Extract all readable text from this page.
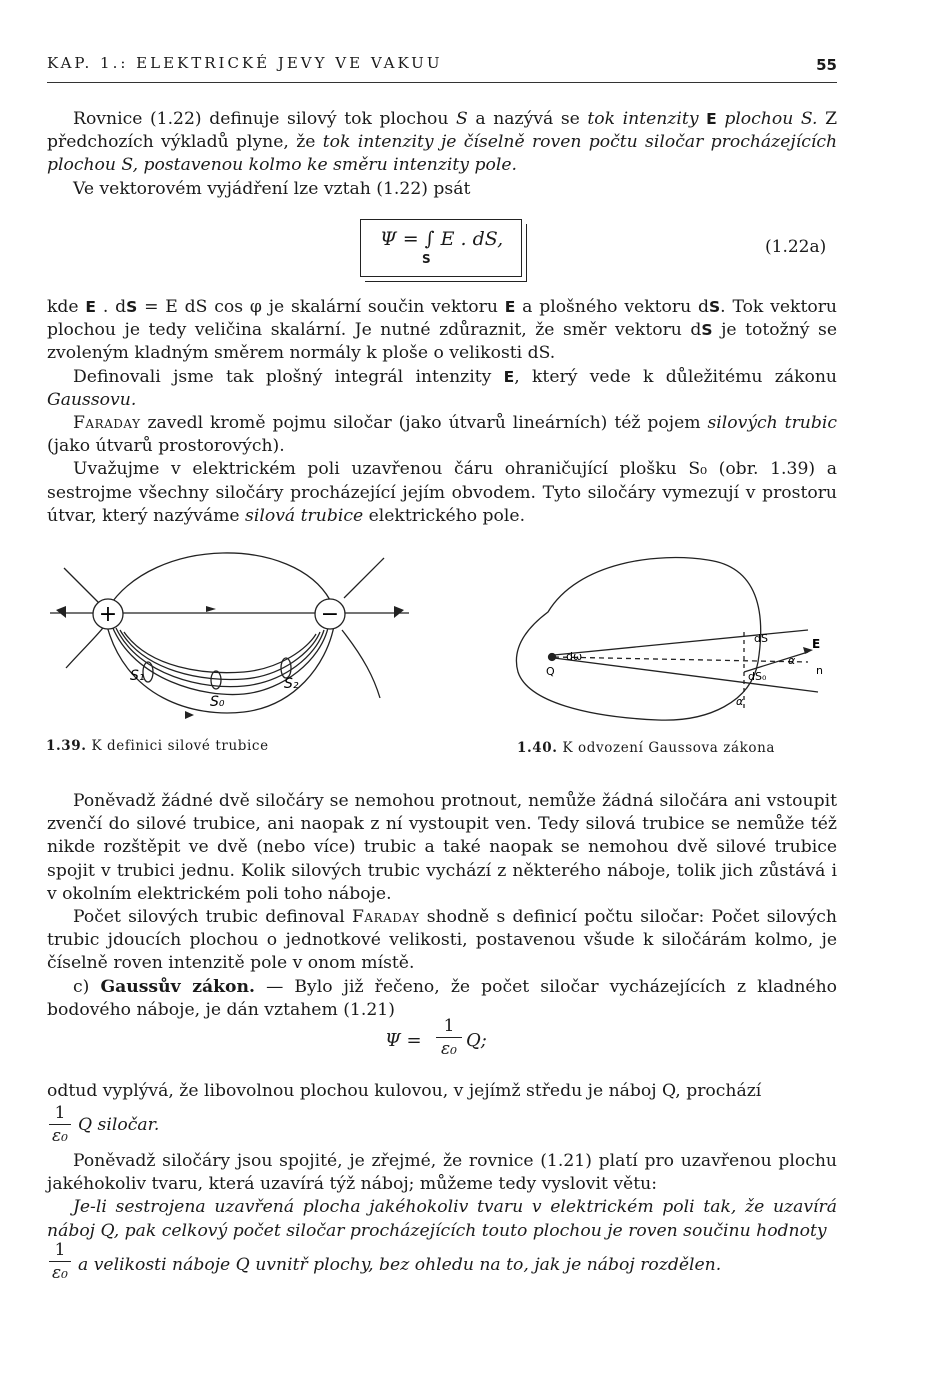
KAP. 1.: ELEKTRICKÉ JEVY VE VAKUU	55

Rovnice (1.22) definuje silový tok plochou S a nazývá se tok intenzity E plochou S. Z předchozích výkladů plyne, že tok intenzity je číselně roven počtu siločar procházejících plochou S, postavenou kolmo ke směru intenzity pole.

Ve vektorovém vyjádření lze vztah (1.22) psát

Ψ = ∫ E . dS,
S
(1.22a)

kde E . dS = E dS cos φ je skalární součin vektoru E a plošného vektoru dS. Tok vektoru plochou je tedy veličina skalární. Je nutné zdůraznit, že směr vektoru dS je totožný se zvoleným kladným směrem normály k ploše o velikosti dS.

Definovali jsme tak plošný integrál intenzity E, který vede k důležitému zákonu Gaussovu.

Faraday zavedl kromě pojmu siločar (jako útvarů lineárních) též pojem silových trubic (jako útvarů prostorových).

Uvažujme v elektrickém poli uzavřenou čáru ohraničující plošku S₀ (obr. 1.39) a sestrojme všechny siločáry procházející jejím obvodem. Tyto siločáry vymezují v prostoru útvar, který nazýváme silová trubice elektrického pole.

+	−
S₁	S₂
S₀
1.39. K definici silové trubice
Q
dω
dS	E
α
n
dS₀
α
1.40. K odvození Gaussova zákona

Poněvadž žádné dvě siločáry se nemohou protnout, nemůže žádná siločára ani vstoupit zvenčí do silové trubice, ani naopak z ní vystoupit ven. Tedy silová trubice se nemůže též nikde rozštěpit ve dvě (nebo více) trubic a také naopak se nemohou dvě silové trubice spojit v trubici jednu. Kolik silových trubic vychází z některého náboje, tolik jich zůstává i v okolním elektrickém poli toho náboje.

Počet silových trubic definoval Faraday shodně s definicí počtu siločar: Počet silových trubic jdoucích plochou o jednotkové velikosti, postavenou všude k siločárám kolmo, je číselně roven intenzitě pole v onom místě.

c) Gaussův zákon. — Bylo již řečeno, že počet siločar vycházejících z kladného bodového náboje, je dán vztahem (1.21)

Ψ =
1
ε₀ Q;

odtud vyplývá, že libovolnou plochou kulovou, v jejímž středu je náboj Q, prochází

1
ε₀
Q siločar.

Poněvadž siločáry jsou spojité, je zřejmé, že rovnice (1.21) platí pro uzavřenou plochu jakéhokoliv tvaru, která uzavírá týž náboj; můžeme tedy vyslovit větu:

Je-li sestrojena uzavřená plocha jakéhokoliv tvaru v elektrickém poli tak, že uzavírá náboj Q, pak celkový počet siločar procházejících touto plochou je roven součinu hodnoty

1
ε₀ a velikosti náboje Q uvnitř plochy, bez ohledu na to, jak je náboj rozdělen.
